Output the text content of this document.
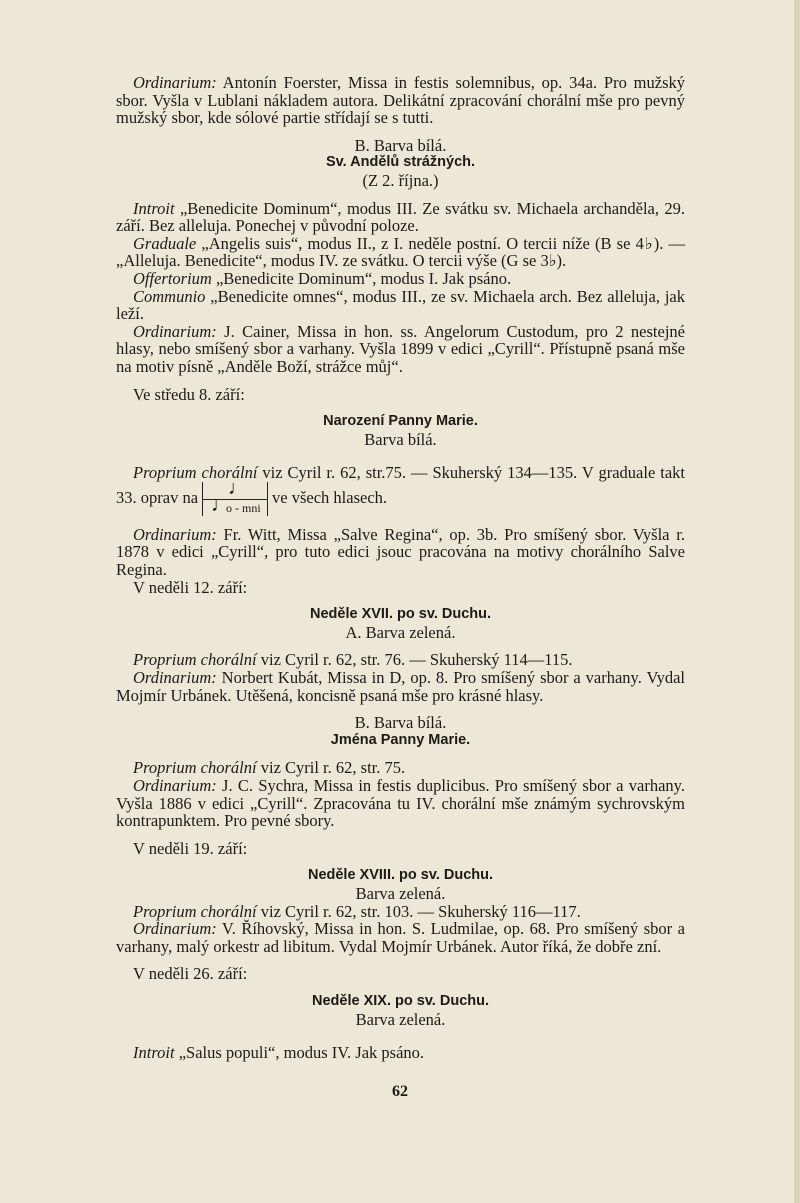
Ordinarium: Antonín Foerster, Missa in festis solemnibus, op. 34a. Pro mužský sbor. Vyšla v Lublani nákladem autora. Delikátní zpracování chorální mše pro pevný mužský sbor, kde sólové partie střídají se s tutti.

B. Barva bílá.

Sv. Andělů strážných.

(Z 2. října.)

Introit „Benedicite Dominum“, modus III. Ze svátku sv. Michaela archanděla, 29. září. Bez alleluja. Ponechej v původní poloze.

Graduale „Angelis suis“, modus II., z I. neděle postní. O tercii níže (B se 4♭). — „Alleluja. Benedicite“, modus IV. ze svátku. O tercii výše (G se 3♭).

Offertorium „Benedicite Dominum“, modus I. Jak psáno.

Communio „Benedicite omnes“, modus III., ze sv. Michaela arch. Bez alleluja, jak leží.

Ordinarium: J. Cainer, Missa in hon. ss. Angelorum Custodum, pro 2 nestejné hlasy, nebo smíšený sbor a varhany. Vyšla 1899 v edici „Cyrill“. Přístupně psaná mše na motiv písně „Anděle Boží, strážce můj“.

Ve středu 8. září:

Narození Panny Marie.

Barva bílá.

Proprium chorální viz Cyril r. 62, str.75. — Skuherský 134—135. V graduale takt 33. oprav na	♩ ♩
o - mni
ve všech hlasech.

Ordinarium: Fr. Witt, Missa „Salve Regina“, op. 3b. Pro smíšený sbor. Vyšla r. 1878 v edici „Cyrill“, pro tuto edici jsouc pracována na motivy chorálního Salve Regina.

V neděli 12. září:

Neděle XVII. po sv. Duchu.

A. Barva zelená.

Proprium chorální viz Cyril r. 62, str. 76. — Skuherský 114—115.

Ordinarium: Norbert Kubát, Missa in D, op. 8. Pro smíšený sbor a varhany. Vydal Mojmír Urbánek. Utěšená, koncisně psaná mše pro krásné hlasy.

B. Barva bílá.

Jména Panny Marie.

Proprium chorální viz Cyril r. 62, str. 75.

Ordinarium: J. C. Sychra, Missa in festis duplicibus. Pro smíšený sbor a varhany. Vyšla 1886 v edici „Cyrill“. Zpracována tu IV. chorální mše známým sychrovským kontrapunktem. Pro pevné sbory.

V neděli 19. září:

Neděle XVIII. po sv. Duchu.

Barva zelená.

Proprium chorální viz Cyril r. 62, str. 103. — Skuherský 116—117.

Ordinarium: V. Říhovský, Missa in hon. S. Ludmilae, op. 68. Pro smíšený sbor a varhany, malý orkestr ad libitum. Vydal Mojmír Urbánek. Autor říká, že dobře zní.

V neděli 26. září:

Neděle XIX. po sv. Duchu.

Barva zelená.

Introit „Salus populi“, modus IV. Jak psáno.

62
